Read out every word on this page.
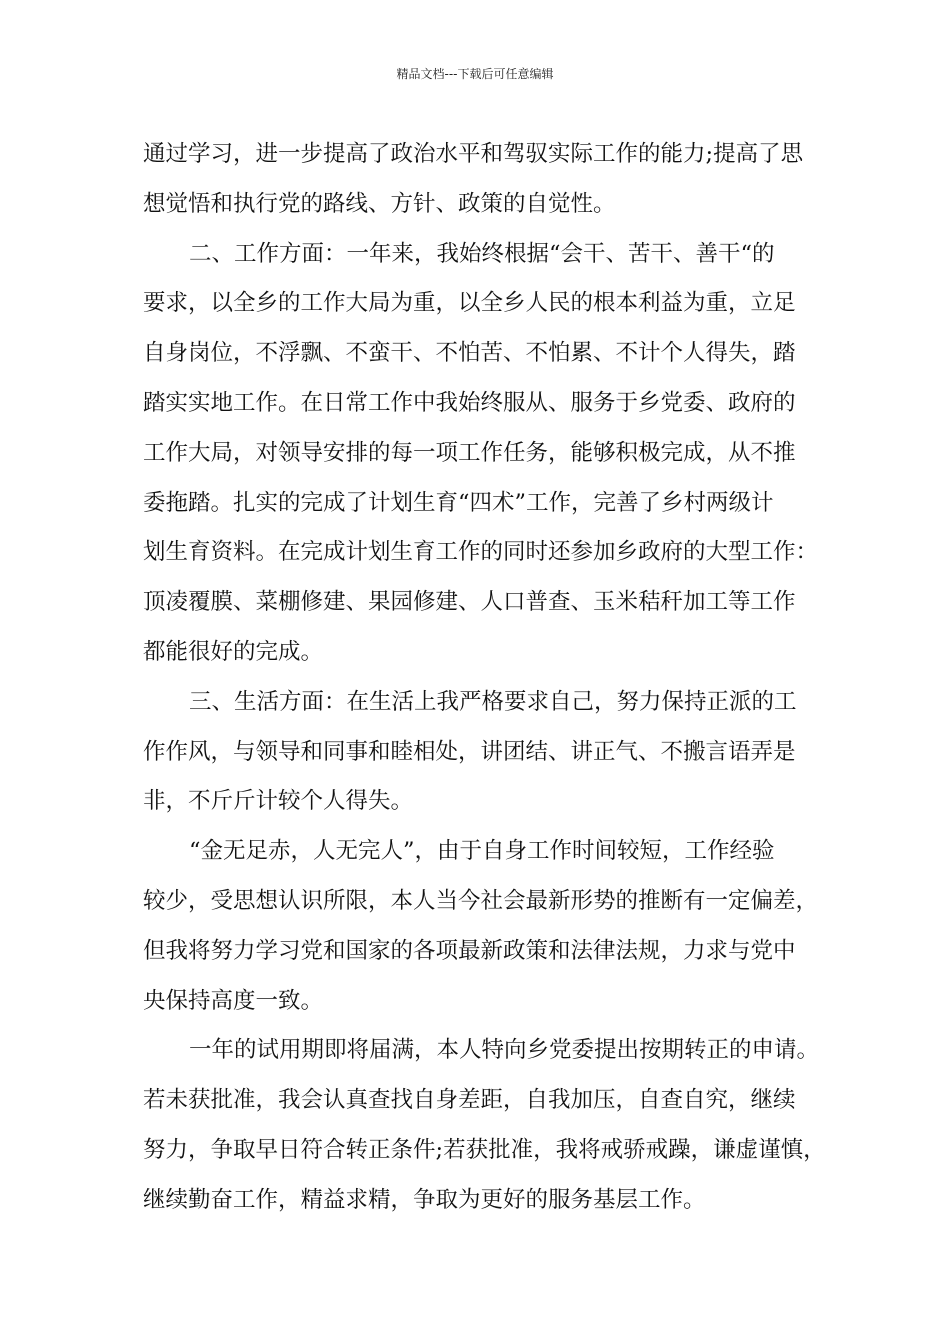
精品文档---下载后可任意编辑
通过学习，进一步提高了政治水平和驾驭实际工作的能力;提高了思
想觉悟和执行党的路线、方针、政策的自觉性。
二、工作方面：一年来，我始终根据“会干、苦干、善干“的
要求，以全乡的工作大局为重，以全乡人民的根本利益为重，立足
自身岗位，不浮飘、不蛮干、不怕苦、不怕累、不计个人得失，踏
踏实实地工作。在日常工作中我始终服从、服务于乡党委、政府的
工作大局，对领导安排的每一项工作任务，能够积极完成，从不推
委拖踏。扎实的完成了计划生育“四术”工作，完善了乡村两级计
划生育资料。在完成计划生育工作的同时还参加乡政府的大型工作：
顶凌覆膜、菜棚修建、果园修建、人口普查、玉米秸秆加工等工作
都能很好的完成。
三、生活方面：在生活上我严格要求自己，努力保持正派的工
作作风，与领导和同事和睦相处，讲团结、讲正气、不搬言语弄是
非，不斤斤计较个人得失。
“金无足赤，人无完人”，由于自身工作时间较短，工作经验
较少，受思想认识所限，本人当今社会最新形势的推断有一定偏差，
但我将努力学习党和国家的各项最新政策和法律法规，力求与党中
央保持高度一致。
一年的试用期即将届满，本人特向乡党委提出按期转正的申请。
若未获批准，我会认真查找自身差距，自我加压，自查自究，继续
努力，争取早日符合转正条件;若获批准，我将戒骄戒躁，谦虚谨慎，
继续勤奋工作，精益求精，争取为更好的服务基层工作。
